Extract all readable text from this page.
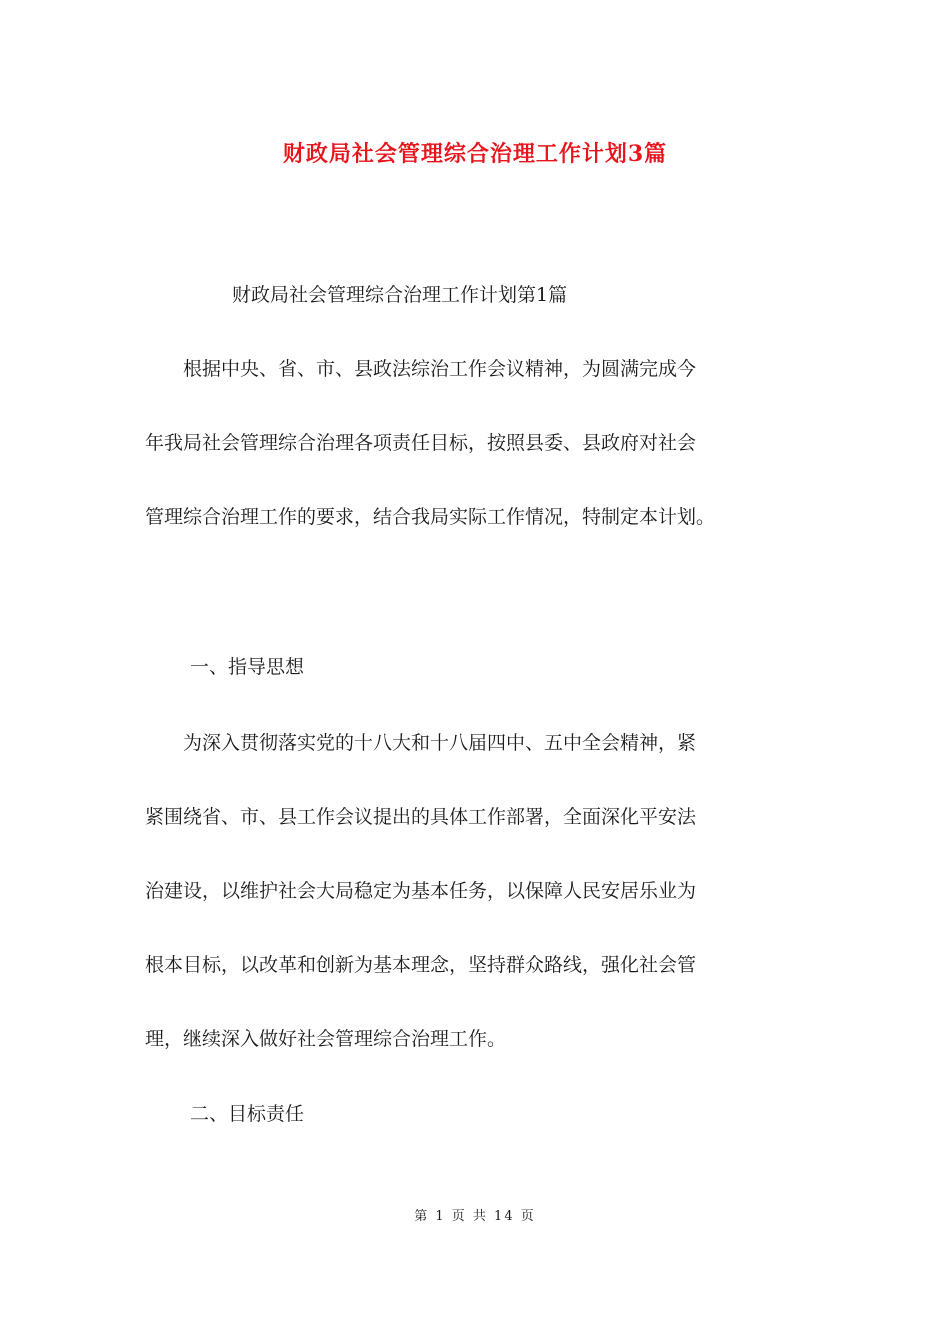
财政局社会管理综合治理工作计划3篇
财政局社会管理综合治理工作计划第1篇
　　根据中央、省、市、县政法综治工作会议精神，为圆满完成今
年我局社会管理综合治理各项责任目标，按照县委、县政府对社会
管理综合治理工作的要求，结合我局实际工作情况，特制定本计划。
一、指导思想
　　为深入贯彻落实党的十八大和十八届四中、五中全会精神，紧
紧围绕省、市、县工作会议提出的具体工作部署，全面深化平安法
治建设，以维护社会大局稳定为基本任务，以保障人民安居乐业为
根本目标，以改革和创新为基本理念，坚持群众路线，强化社会管
理，继续深入做好社会管理综合治理工作。
二、目标责任
第 1 页 共 14 页
